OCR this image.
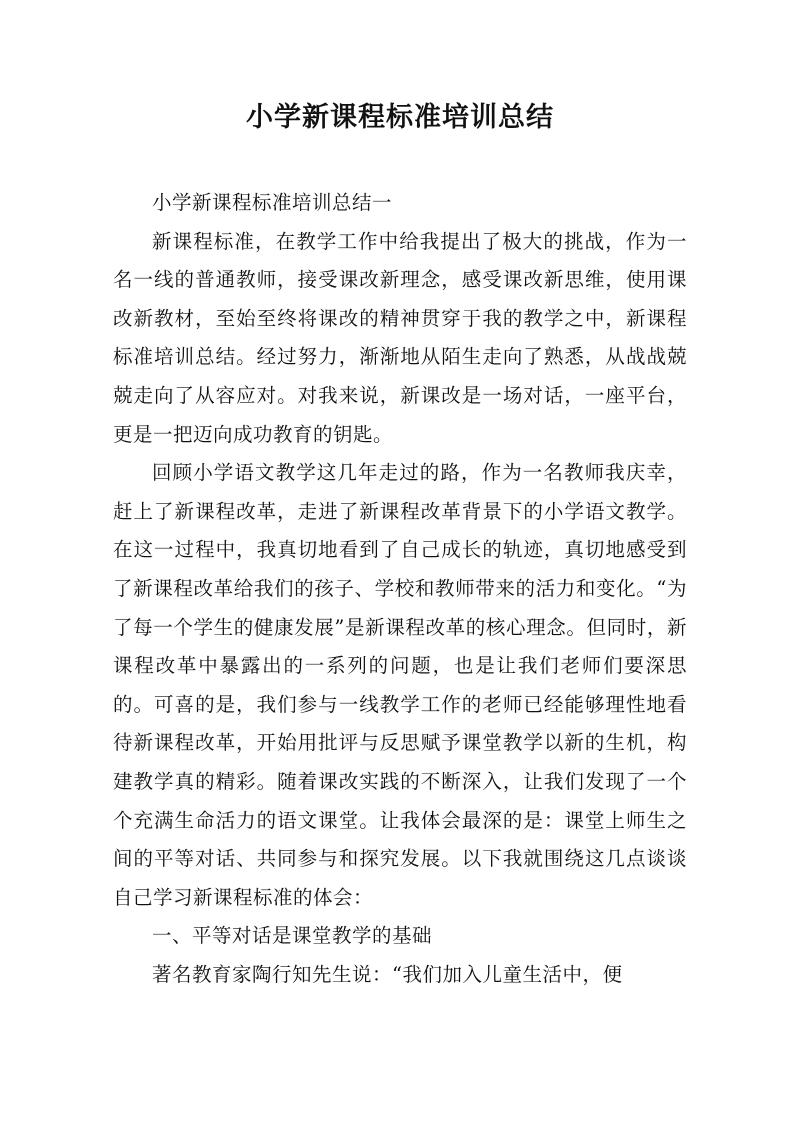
小学新课程标准培训总结

小学新课程标准培训总结一

新课程标准，在教学工作中给我提出了极大的挑战，作为一名一线的普通教师，接受课改新理念，感受课改新思维，使用课改新教材，至始至终将课改的精神贯穿于我的教学之中，新课程标准培训总结。经过努力，渐渐地从陌生走向了熟悉，从战战兢兢走向了从容应对。对我来说，新课改是一场对话，一座平台，更是一把迈向成功教育的钥匙。

回顾小学语文教学这几年走过的路，作为一名教师我庆幸，赶上了新课程改革，走进了新课程改革背景下的小学语文教学。在这一过程中，我真切地看到了自己成长的轨迹，真切地感受到了新课程改革给我们的孩子、学校和教师带来的活力和变化。“为了每一个学生的健康发展”是新课程改革的核心理念。但同时，新课程改革中暴露出的一系列的问题，也是让我们老师们要深思的。可喜的是，我们参与一线教学工作的老师已经能够理性地看待新课程改革，开始用批评与反思赋予课堂教学以新的生机，构建教学真的精彩。随着课改实践的不断深入，让我们发现了一个个充满生命活力的语文课堂。让我体会最深的是：课堂上师生之间的平等对话、共同参与和探究发展。以下我就围绕这几点谈谈自己学习新课程标准的体会：

一、平等对话是课堂教学的基础

著名教育家陶行知先生说：“我们加入儿童生活中，便
